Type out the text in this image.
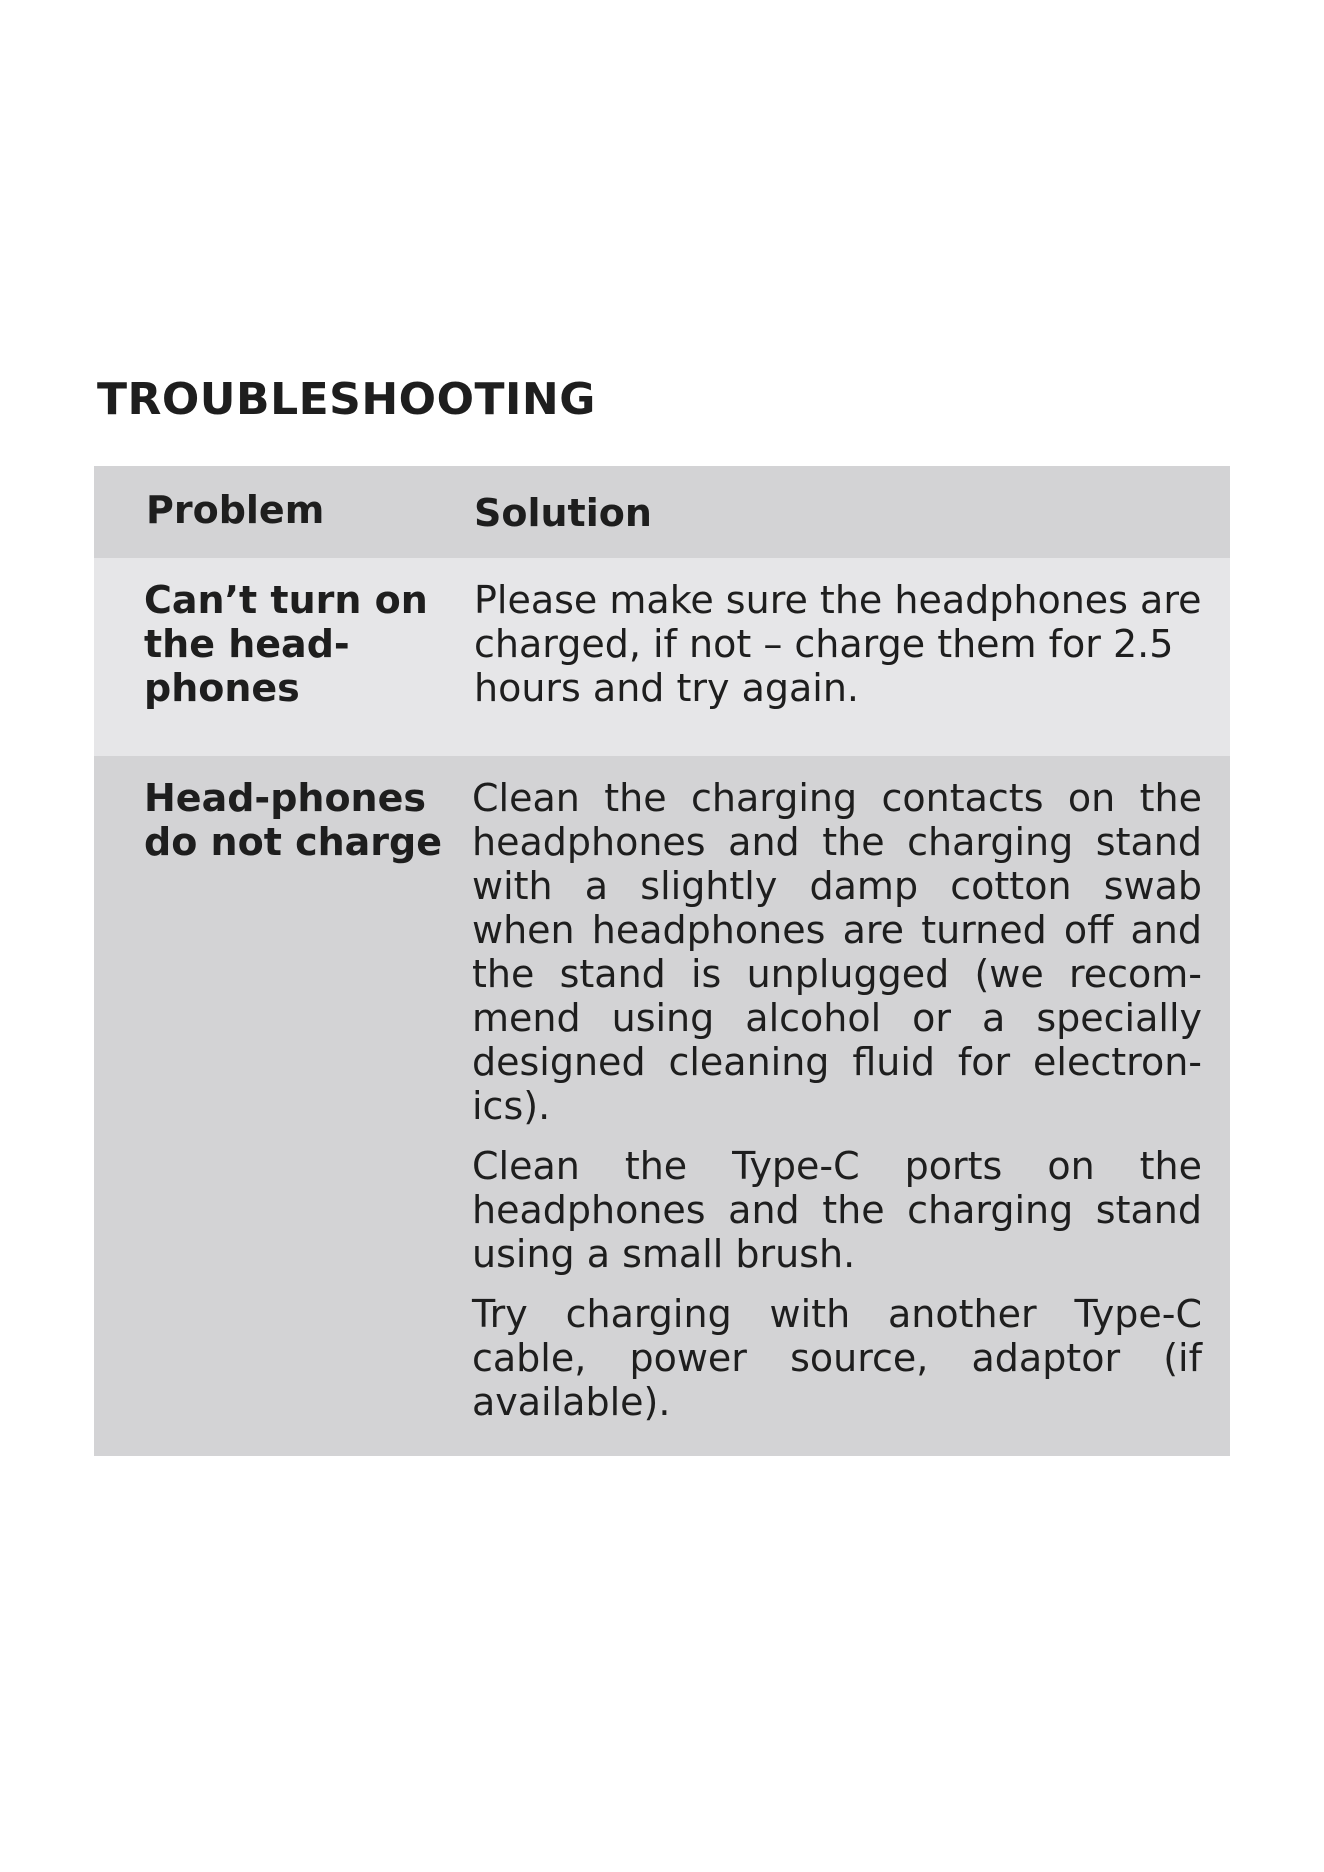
TROUBLESHOOTING
Problem	Solution
Can’t turn on the head-phones

Please make sure the headphones are charged, if not – charge them for 2.5 hours and try again.

Head-phones do not charge

Clean the charging contacts on the headphones and the charging stand with a slightly damp cotton swab when headphones are turned off and the stand is unplugged (we recom-mend using alcohol or a specially designed cleaning fluid for electron-ics).

Clean the Type-C ports on the headphones and the charging stand using a small brush.

Try charging with another Type-C cable, power source, adaptor (if available).
